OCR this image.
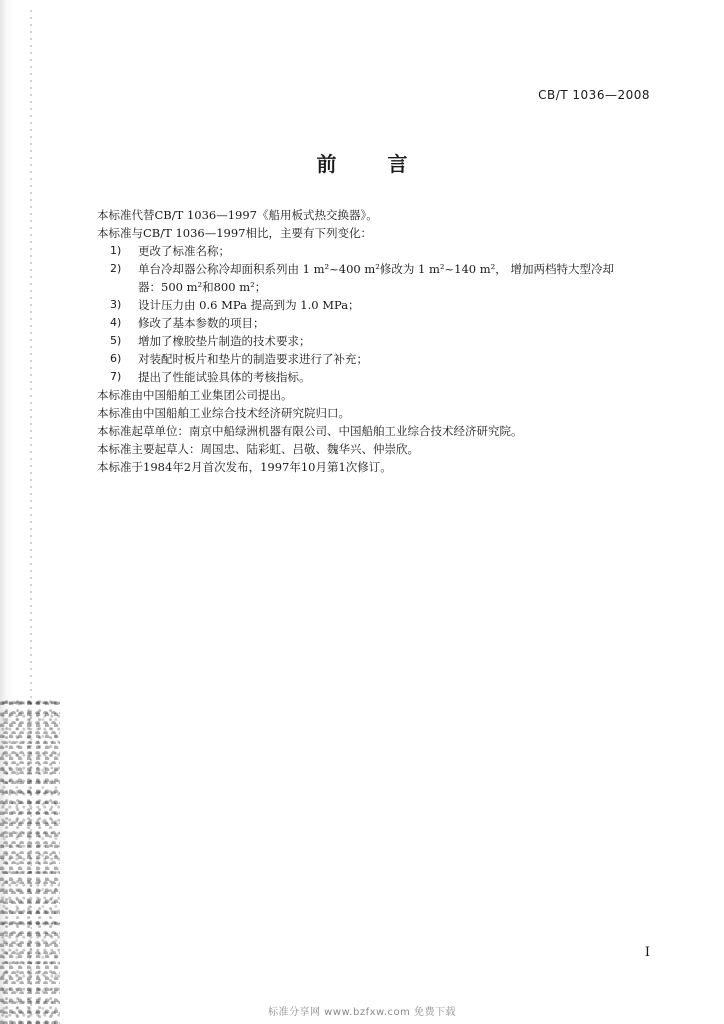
CB/T 1036—2008
前 言

本标准代替CB/T 1036—1997《船用板式热交换器》。

本标准与CB/T 1036—1997相比，主要有下列变化：

1)	更改了标准名称；
2)	单台冷却器公称冷却面积系列由 1 m²~400 m²修改为 1 m²~140 m²， 增加两档特大型冷却
器：500 m²和800 m²；
3)	设计压力由 0.6 MPa 提高到为 1.0 MPa；
4)	修改了基本参数的项目；
5)	增加了橡胶垫片制造的技术要求；
6)	对装配时板片和垫片的制造要求进行了补充；
7)	提出了性能试验具体的考核指标。

本标准由中国船舶工业集团公司提出。

本标准由中国船舶工业综合技术经济研究院归口。

本标准起草单位：南京中船绿洲机器有限公司、中国船舶工业综合技术经济研究院。

本标准主要起草人：周国忠、陆彩虹、吕敬、魏华兴、仲崇欣。

本标准于1984年2月首次发布，1997年10月第1次修订。

I
标准分享网 www.bzfxw.com 免费下载
